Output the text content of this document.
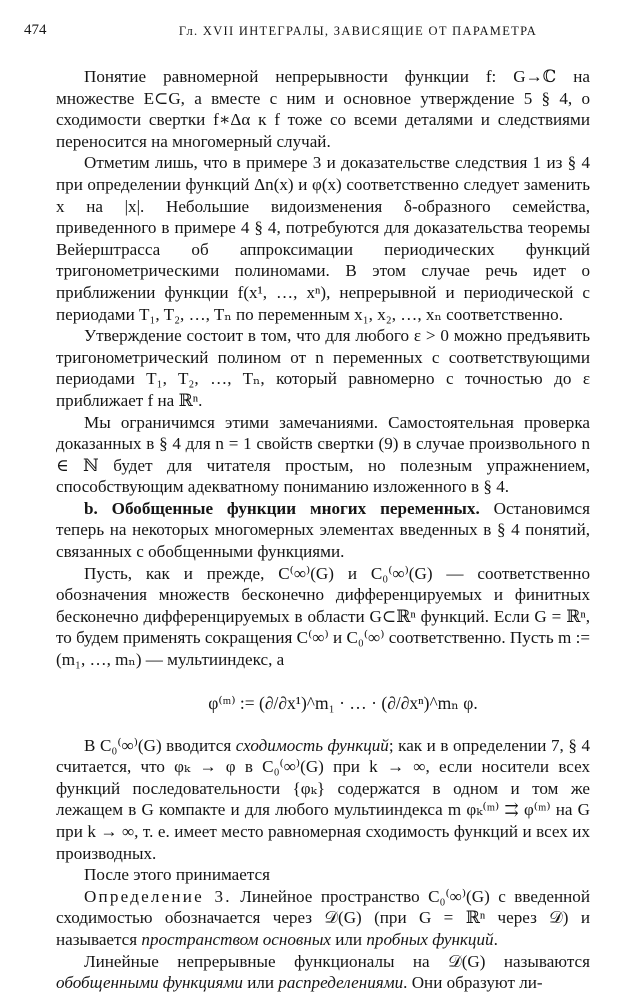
474	Гл. XVII ИНТЕГРАЛЫ, ЗАВИСЯЩИЕ ОТ ПАРАМЕТРА

Понятие равномерной непрерывности функции f: G→ℂ на множестве E⊂G, а вместе с ним и основное утверждение 5 § 4, о сходимости свертки f∗Δα к f тоже со всеми деталями и следствиями переносится на многомерный случай.

Отметим лишь, что в примере 3 и доказательстве следствия 1 из § 4 при определении функций Δn(x) и φ(x) соответственно следует заменить x на |x|. Небольшие видоизменения δ-образного семейства, приведенного в примере 4 § 4, потребуются для доказательства теоремы Вейерштрасса об аппроксимации периодических функций тригонометрическими полиномами. В этом случае речь идет о приближении функции f(x¹, …, xⁿ), непрерывной и периодической с периодами T₁, T₂, …, Tₙ по переменным x₁, x₂, …, xₙ соответственно.

Утверждение состоит в том, что для любого ε > 0 можно предъявить тригонометрический полином от n переменных с соответствующими периодами T₁, T₂, …, Tₙ, который равномерно с точностью до ε приближает f на ℝⁿ.

Мы ограничимся этими замечаниями. Самостоятельная проверка доказанных в § 4 для n = 1 свойств свертки (9) в случае произвольного n ∈ ℕ будет для читателя простым, но полезным упражнением, способствующим адекватному пониманию изложенного в § 4.

b. Обобщенные функции многих переменных. Остановимся теперь на некоторых многомерных элементах введенных в § 4 понятий, связанных с обобщенными функциями.

Пусть, как и прежде, C⁽∞⁾(G) и C₀⁽∞⁾(G) — соответственно обозначения множеств бесконечно дифференцируемых и финитных бесконечно дифференцируемых в области G⊂ℝⁿ функций. Если G = ℝⁿ, то будем применять сокращения C⁽∞⁾ и C₀⁽∞⁾ соответственно. Пусть m := (m₁, …, mₙ) — мультииндекс, а

φ⁽ᵐ⁾ := (∂/∂x¹)^m₁ · … · (∂/∂xⁿ)^mₙ φ.

В C₀⁽∞⁾(G) вводится сходимость функций; как и в определении 7, § 4 считается, что φₖ → φ в C₀⁽∞⁾(G) при k → ∞, если носители всех функций последовательности {φₖ} содержатся в одном и том же лежащем в G компакте и для любого мультииндекса m φₖ⁽ᵐ⁾ ⇉ φ⁽ᵐ⁾ на G при k → ∞, т. е. имеет место равномерная сходимость функций и всех их производных.

После этого принимается

Определение 3. Линейное пространство C₀⁽∞⁾(G) с введенной сходимостью обозначается через 𝒟(G) (при G = ℝⁿ через 𝒟) и называется пространством основных или пробных функций.

Линейные непрерывные функционалы на 𝒟(G) называются обобщенными функциями или распределениями. Они образуют ли-
